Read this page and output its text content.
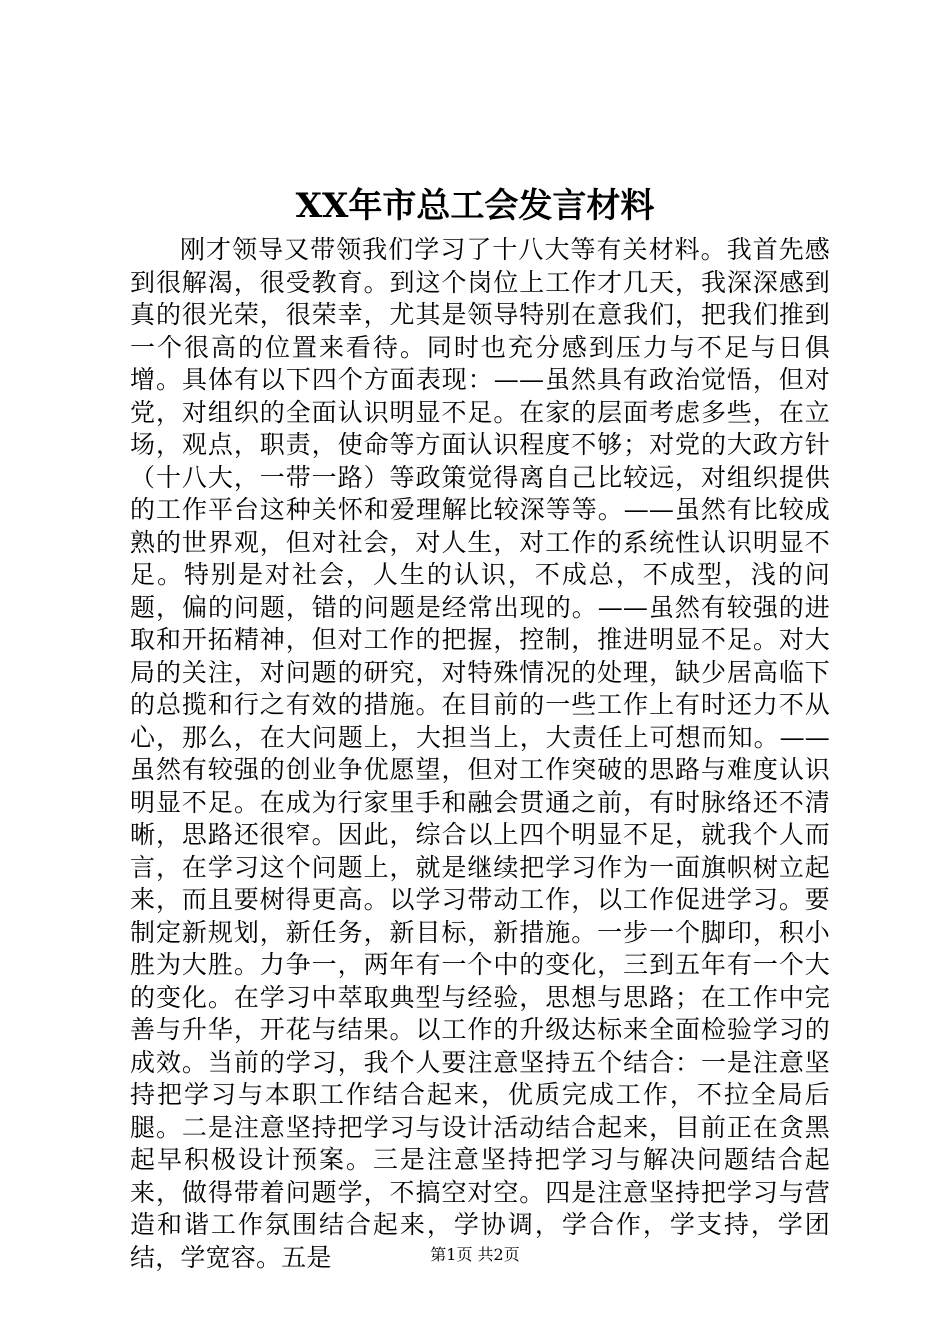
XX年市总工会发言材料

刚才领导又带领我们学习了十八大等有关材料。我首先感到很解渴，很受教育。到这个岗位上工作才几天，我深深感到真的很光荣，很荣幸，尤其是领导特别在意我们，把我们推到一个很高的位置来看待。同时也充分感到压力与不足与日俱增。具体有以下四个方面表现：——虽然具有政治觉悟，但对党，对组织的全面认识明显不足。在家的层面考虑多些，在立场，观点，职责，使命等方面认识程度不够；对党的大政方针（十八大，一带一路）等政策觉得离自己比较远，对组织提供的工作平台这种关怀和爱理解比较深等等。——虽然有比较成熟的世界观，但对社会，对人生，对工作的系统性认识明显不足。特别是对社会，人生的认识，不成总，不成型，浅的问题，偏的问题，错的问题是经常出现的。——虽然有较强的进取和开拓精神，但对工作的把握，控制，推进明显不足。对大局的关注，对问题的研究，对特殊情况的处理，缺少居高临下的总揽和行之有效的措施。在目前的一些工作上有时还力不从心，那么，在大问题上，大担当上，大责任上可想而知。——虽然有较强的创业争优愿望，但对工作突破的思路与难度认识明显不足。在成为行家里手和融会贯通之前，有时脉络还不清晰，思路还很窄。因此，综合以上四个明显不足，就我个人而言，在学习这个问题上，就是继续把学习作为一面旗帜树立起来，而且要树得更高。以学习带动工作，以工作促进学习。要制定新规划，新任务，新目标，新措施。一步一个脚印，积小胜为大胜。力争一，两年有一个中的变化，三到五年有一个大的变化。在学习中萃取典型与经验，思想与思路；在工作中完善与升华，开花与结果。以工作的升级达标来全面检验学习的成效。当前的学习，我个人要注意坚持五个结合：一是注意坚持把学习与本职工作结合起来，优质完成工作，不拉全局后腿。二是注意坚持把学习与设计活动结合起来，目前正在贪黑起早积极设计预案。三是注意坚持把学习与解决问题结合起来，做得带着问题学，不搞空对空。四是注意坚持把学习与营造和谐工作氛围结合起来，学协调，学合作，学支持，学团结，学宽容。五是	第1页 共2页
